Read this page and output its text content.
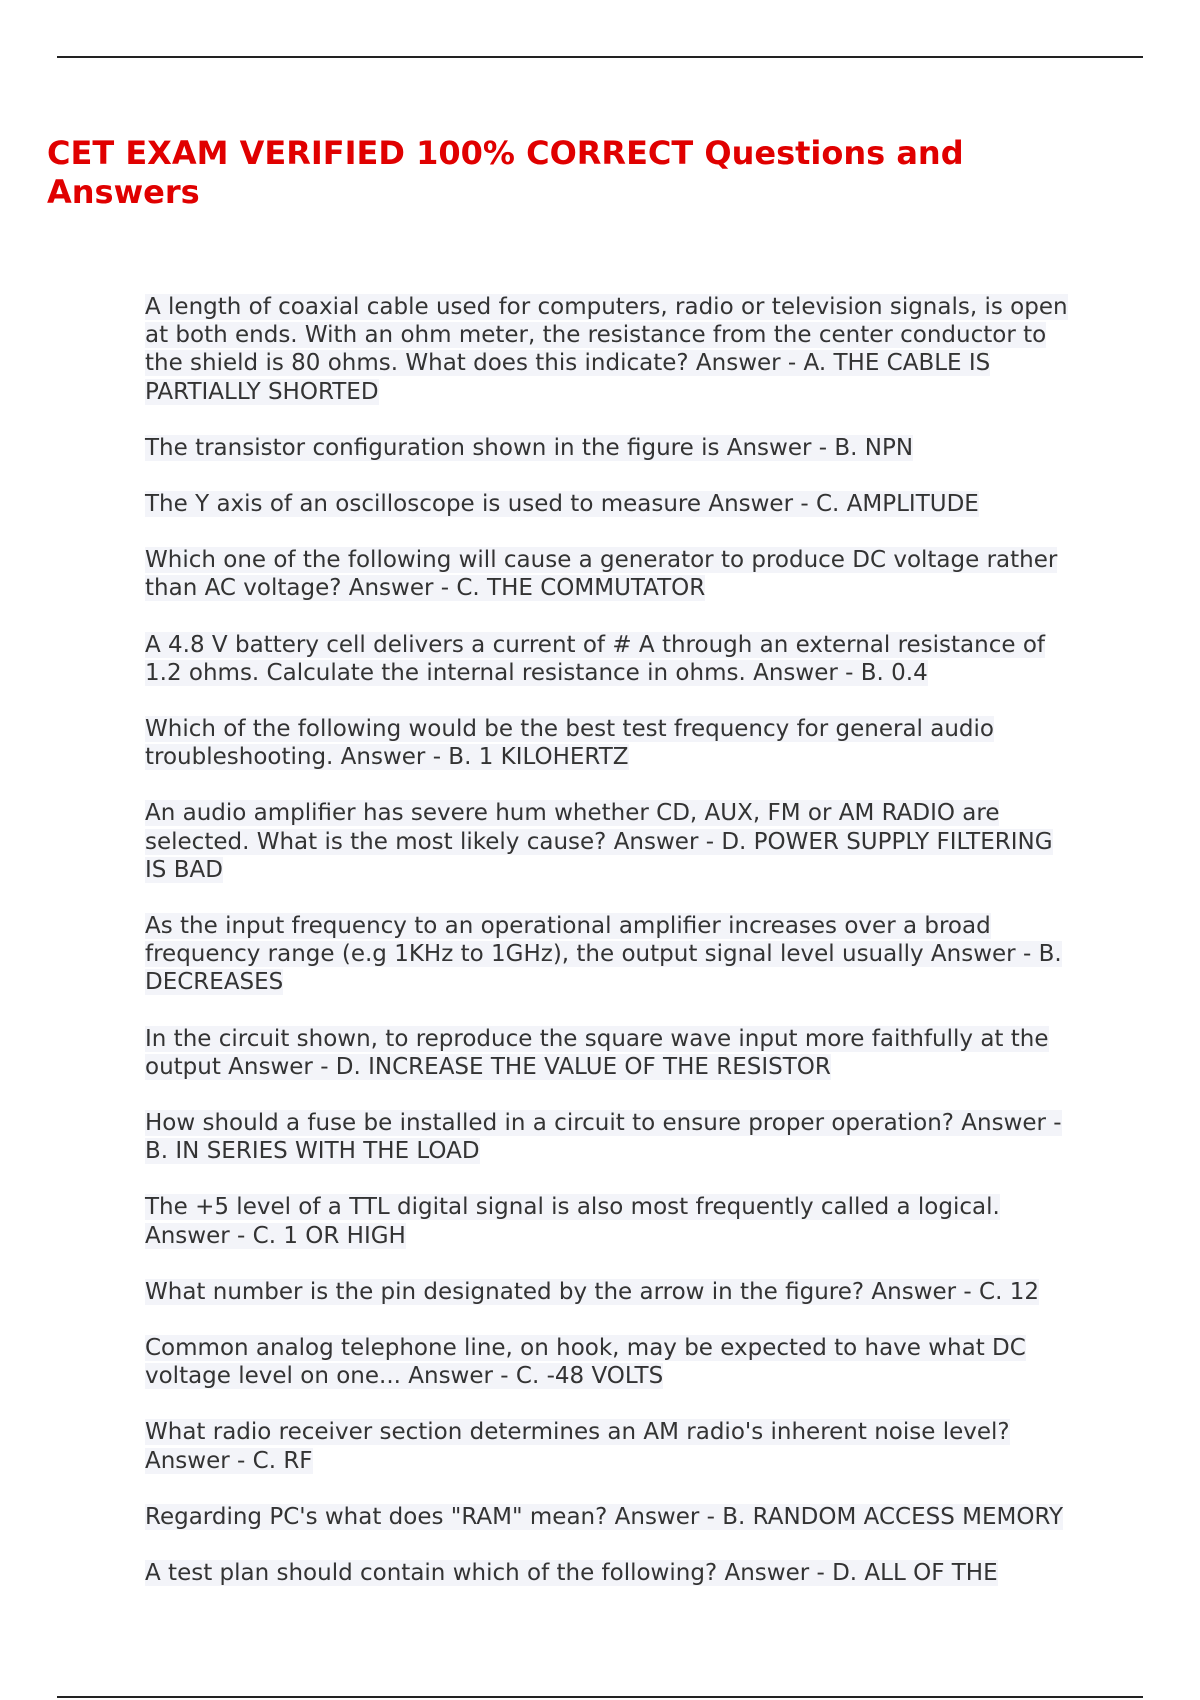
CET EXAM VERIFIED 100% CORRECT Questions and Answers
A length of coaxial cable used for computers, radio or television signals, is open at both ends. With an ohm meter, the resistance from the center conductor to the shield is 80 ohms. What does this indicate? Answer - A. THE CABLE IS PARTIALLY SHORTED
The transistor configuration shown in the figure is Answer - B. NPN
The Y axis of an oscilloscope is used to measure Answer - C. AMPLITUDE
Which one of the following will cause a generator to produce DC voltage rather than AC voltage? Answer - C. THE COMMUTATOR
A 4.8 V battery cell delivers a current of # A through an external resistance of 1.2 ohms. Calculate the internal resistance in ohms. Answer - B. 0.4
Which of the following would be the best test frequency for general audio troubleshooting. Answer - B. 1 KILOHERTZ
An audio amplifier has severe hum whether CD, AUX, FM or AM RADIO are selected. What is the most likely cause? Answer - D. POWER SUPPLY FILTERING IS BAD
As the input frequency to an operational amplifier increases over a broad frequency range (e.g 1KHz to 1GHz), the output signal level usually Answer - B. DECREASES
In the circuit shown, to reproduce the square wave input more faithfully at the output Answer - D. INCREASE THE VALUE OF THE RESISTOR
How should a fuse be installed in a circuit to ensure proper operation? Answer - B. IN SERIES WITH THE LOAD
The +5 level of a TTL digital signal is also most frequently called a logical. Answer - C. 1 OR HIGH
What number is the pin designated by the arrow in the figure? Answer - C. 12
Common analog telephone line, on hook, may be expected to have what DC voltage level on one... Answer - C. -48 VOLTS
What radio receiver section determines an AM radio's inherent noise level? Answer - C. RF
Regarding PC's what does "RAM" mean? Answer - B. RANDOM ACCESS MEMORY
A test plan should contain which of the following? Answer - D. ALL OF THE
